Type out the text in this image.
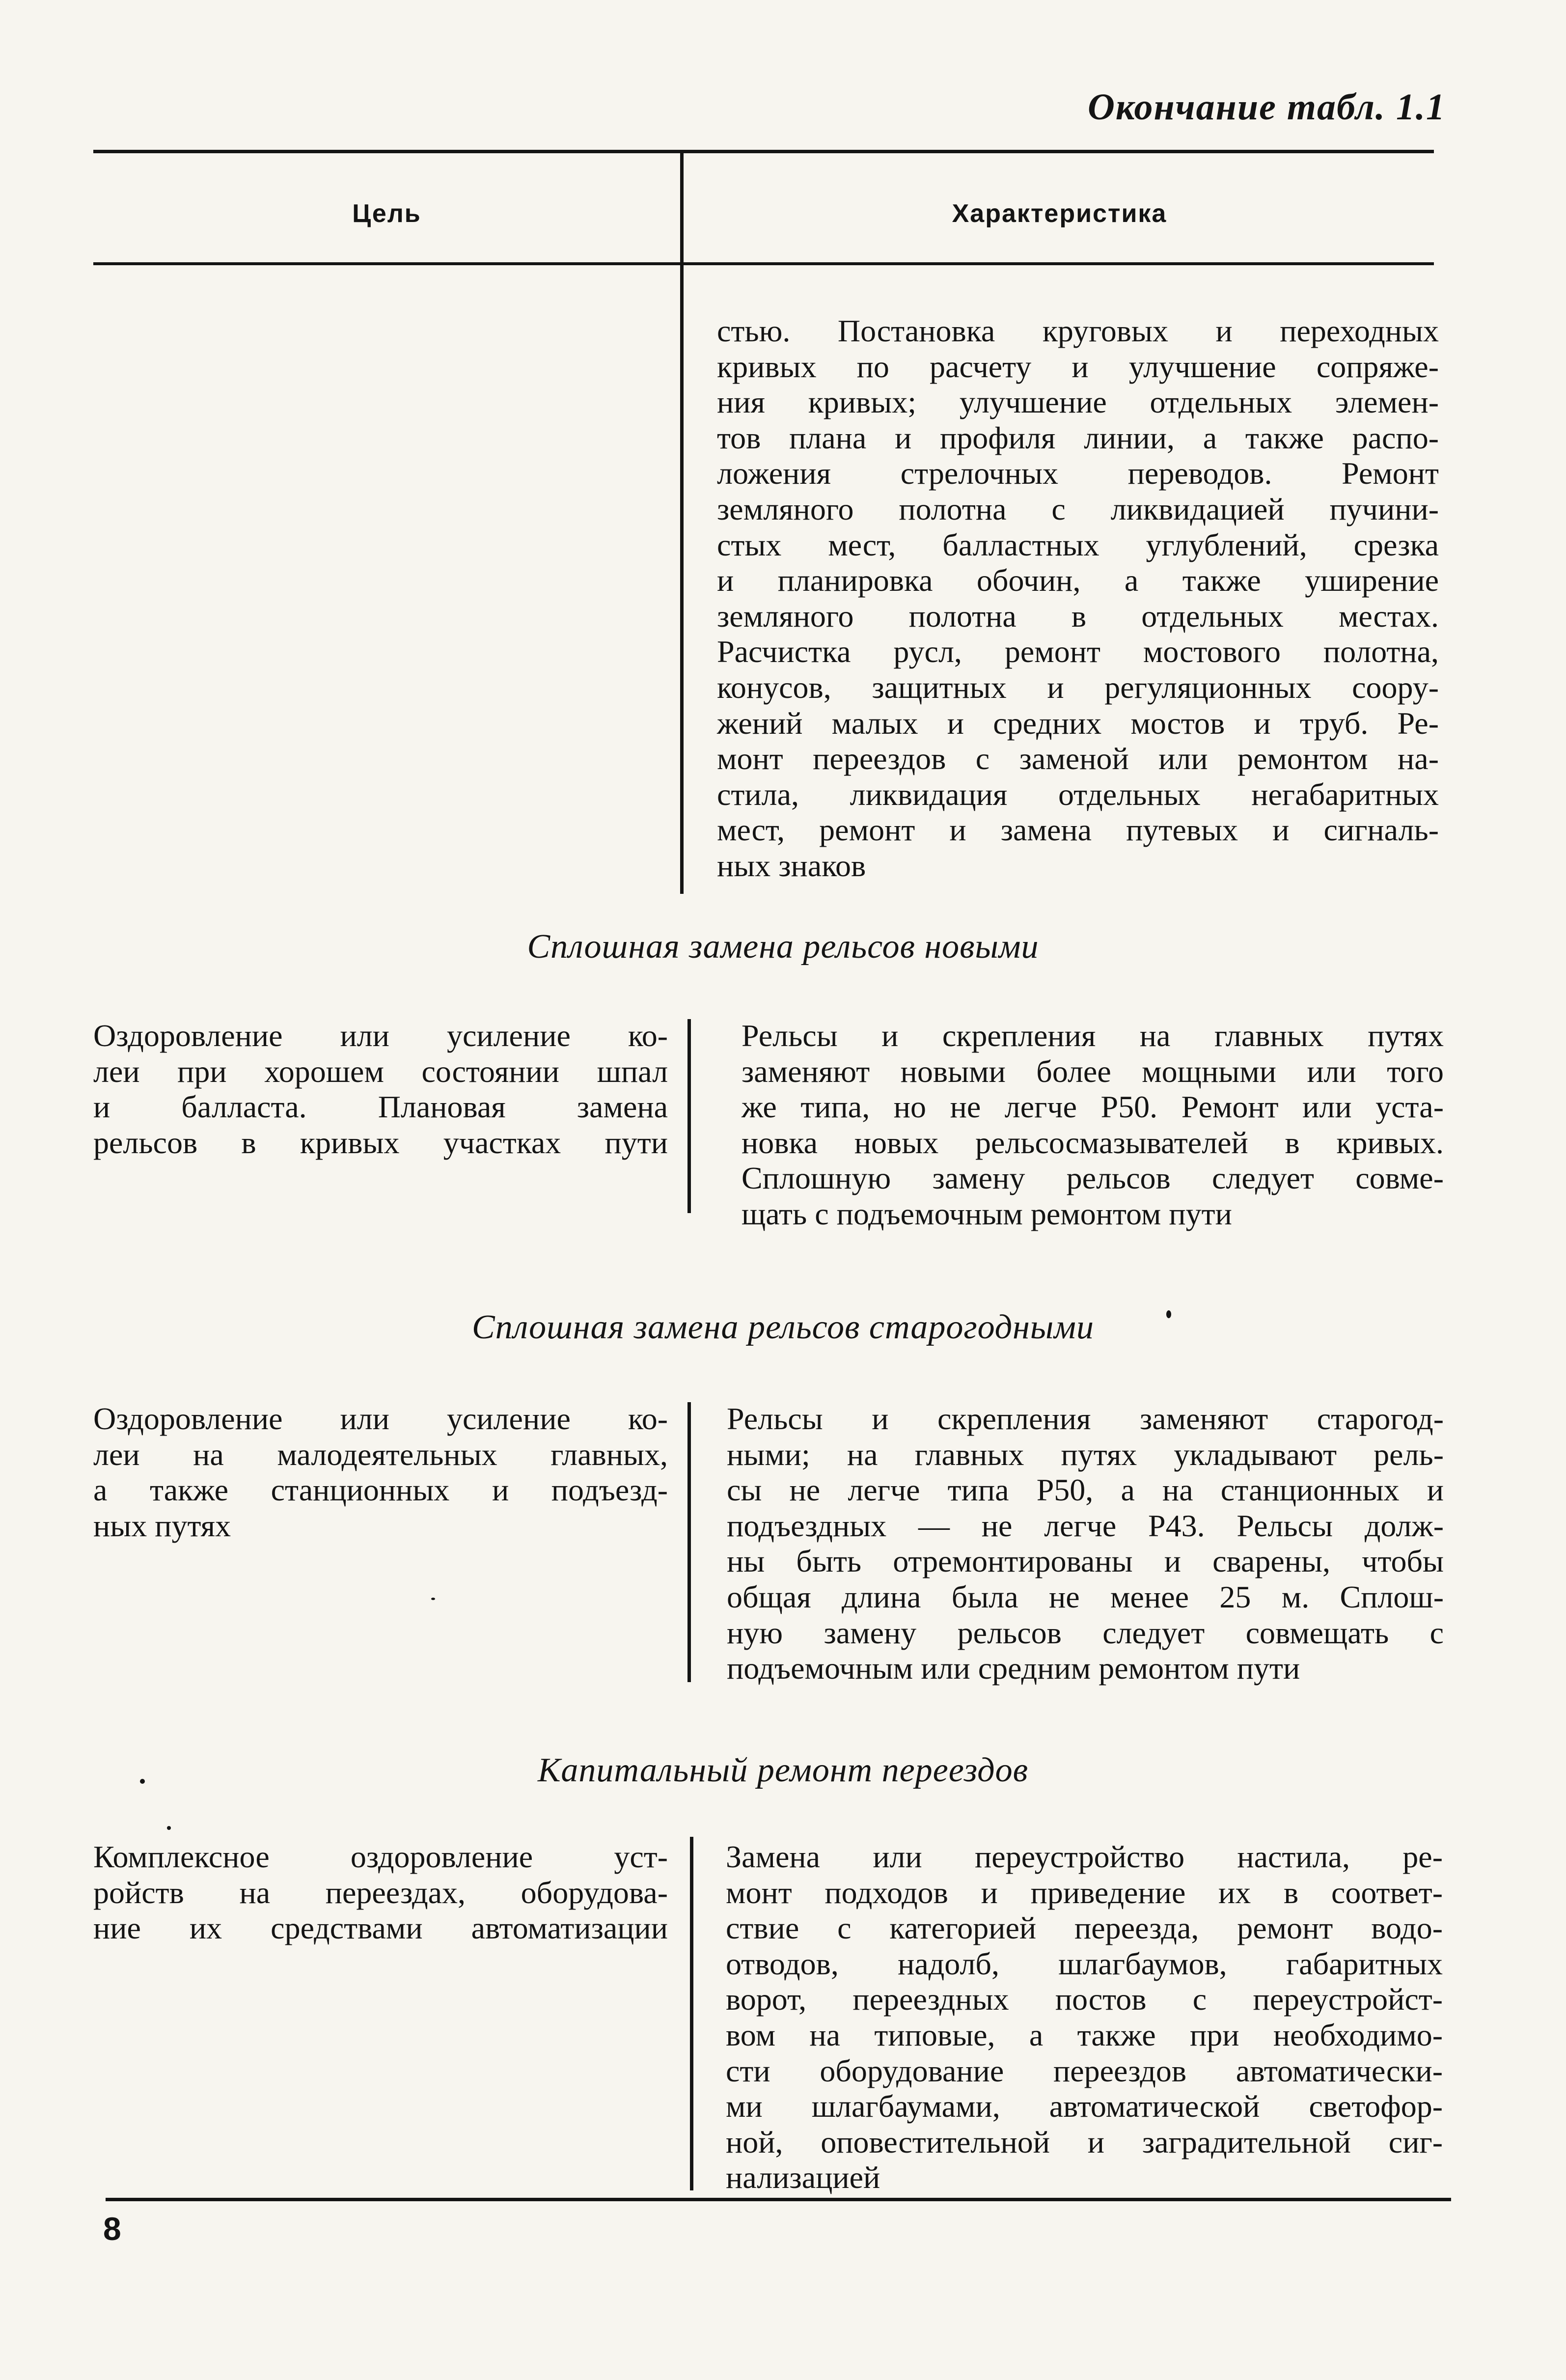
Окончание табл. 1.1
Цель	Характеристика
стью. Постановка круговых и переходных
кривых по расчету и улучшение сопряже-
ния кривых; улучшение отдельных элемен-
тов плана и профиля линии, а также распо-
ложения стрелочных переводов. Ремонт
земляного полотна с ликвидацией пучини-
стых мест, балластных углублений, срезка
и планировка обочин, а также уширение
земляного полотна в отдельных местах.
Расчистка русл, ремонт мостового полотна,
конусов, защитных и регуляционных соору-
жений малых и средних мостов и труб. Ре-
монт переездов с заменой или ремонтом на-
стила, ликвидация отдельных негабаритных
мест, ремонт и замена путевых и сигналь-
ных знаков
Сплошная замена рельсов новыми
Оздоровление или усиление ко-
леи при хорошем состоянии шпал
и балласта. Плановая замена
рельсов в кривых участках пути
Рельсы и скрепления на главных путях
заменяют новыми более мощными или того
же типа, но не легче Р50. Ремонт или уста-
новка новых рельсосмазывателей в кривых.
Сплошную замену рельсов следует совме-
щать с подъемочным ремонтом пути
Сплошная замена рельсов старогодными
Оздоровление или усиление ко-
леи на малодеятельных главных,
а также станционных и подъезд-
ных путях
Рельсы и скрепления заменяют старогод-
ными; на главных путях укладывают рель-
сы не легче типа Р50, а на станционных и
подъездных — не легче Р43. Рельсы долж-
ны быть отремонтированы и сварены, чтобы
общая длина была не менее 25 м. Сплош-
ную замену рельсов следует совмещать с
подъемочным или средним ремонтом пути
Капитальный ремонт переездов
Комплексное оздоровление уст-
ройств на переездах, оборудова-
ние их средствами автоматизации
Замена или переустройство настила, ре-
монт подходов и приведение их в соответ-
ствие с категорией переезда, ремонт водо-
отводов, надолб, шлагбаумов, габаритных
ворот, переездных постов с переустройст-
вом на типовые, а также при необходимо-
сти оборудование переездов автоматически-
ми шлагбаумами, автоматической светофор-
ной, оповестительной и заградительной сиг-
нализацией
8
